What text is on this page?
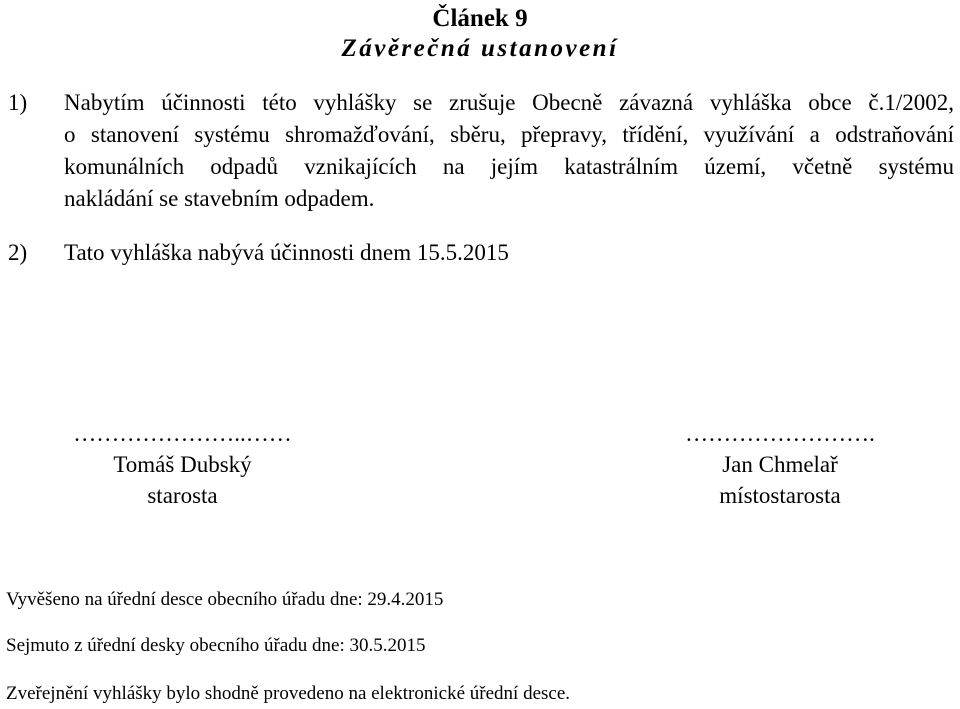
Článek 9
Závěrečná ustanovení
1) Nabytím účinnosti této vyhlášky se zrušuje Obecně závazná vyhláška obce č.1/2002,
o stanovení systému shromažďování, sběru, přepravy, třídění, využívání a odstraňování
komunálních odpadů vznikajících na jejím katastrálním území, včetně systému
nakládání se stavebním odpadem.
2) Tato vyhláška nabývá účinnosti dnem 15.5.2015
…………………..……
Tomáš Dubský
starosta
…………………….
Jan Chmelař
místostarosta
Vyvěšeno na úřední desce obecního úřadu dne: 29.4.2015
Sejmuto z úřední desky obecního úřadu dne: 30.5.2015
Zveřejnění vyhlášky bylo shodně provedeno na elektronické úřední desce.
